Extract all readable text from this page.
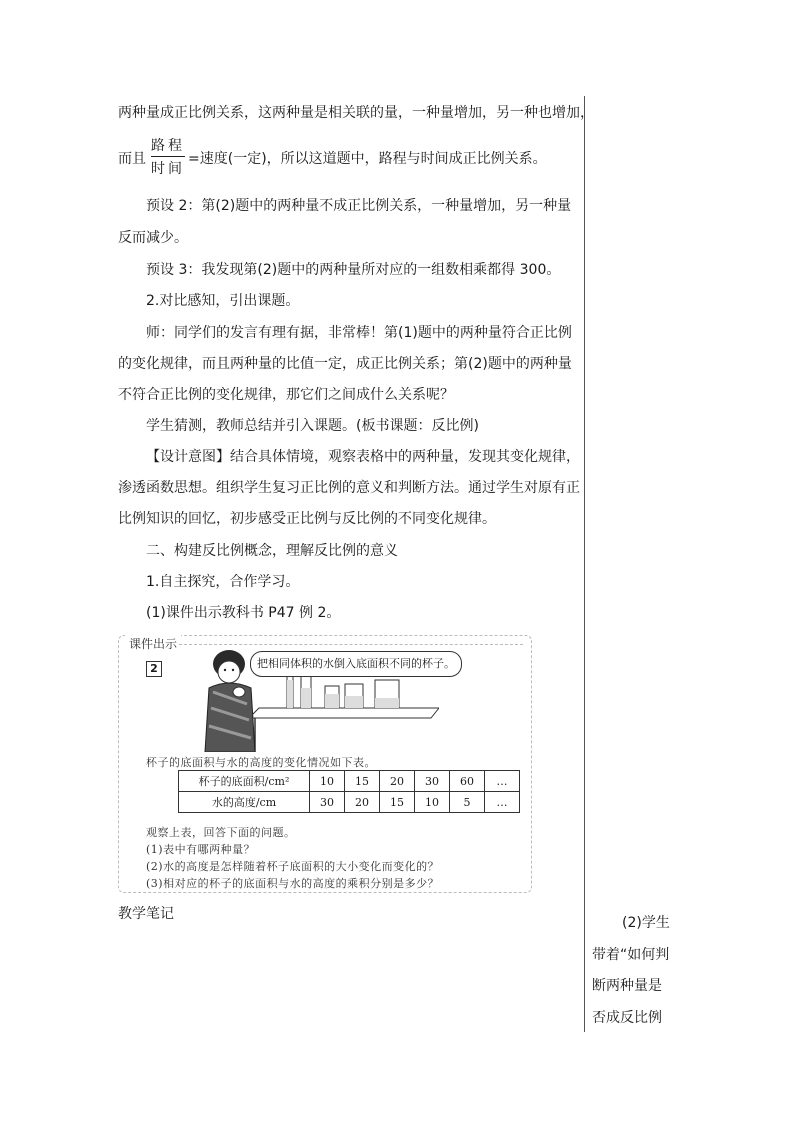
两种量成正比例关系，这两种量是相关联的量，一种量增加，另一种也增加，

而且
路程
时间
=速度(一定)，所以这道题中，路程与时间成正比例关系。

预设 2：第(2)题中的两种量不成正比例关系，一种量增加，另一种量

反而减少。

预设 3：我发现第(2)题中的两种量所对应的一组数相乘都得 300。

2.对比感知，引出课题。

师：同学们的发言有理有据，非常棒！第(1)题中的两种量符合正比例

的变化规律，而且两种量的比值一定，成正比例关系；第(2)题中的两种量

不符合正比例的变化规律，那它们之间成什么关系呢？

学生猜测，教师总结并引入课题。(板书课题：反比例)

【设计意图】结合具体情境，观察表格中的两种量，发现其变化规律，

渗透函数思想。组织学生复习正比例的意义和判断方法。通过学生对原有正

比例知识的回忆，初步感受正比例与反比例的不同变化规律。

二、构建反比例概念，理解反比例的意义

1.自主探究，合作学习。

(1)课件出示教科书 P47 例 2。

课件出示
2	把相同体积的水倒入底面积不同的杯子。
杯子的底面积与水的高度的变化情况如下表。
杯子的底面积/cm²	10	15	20	30	60	…
水的高度/cm	30	20	15	10	5	…
观察上表，回答下面的问题。
(1)表中有哪两种量？
(2)水的高度是怎样随着杯子底面积的大小变化而变化的？
(3)相对应的杯子的底面积与水的高度的乘积分别是多少？

教学笔记

(2)学生
带着“如何判
断两种量是
否成反比例
